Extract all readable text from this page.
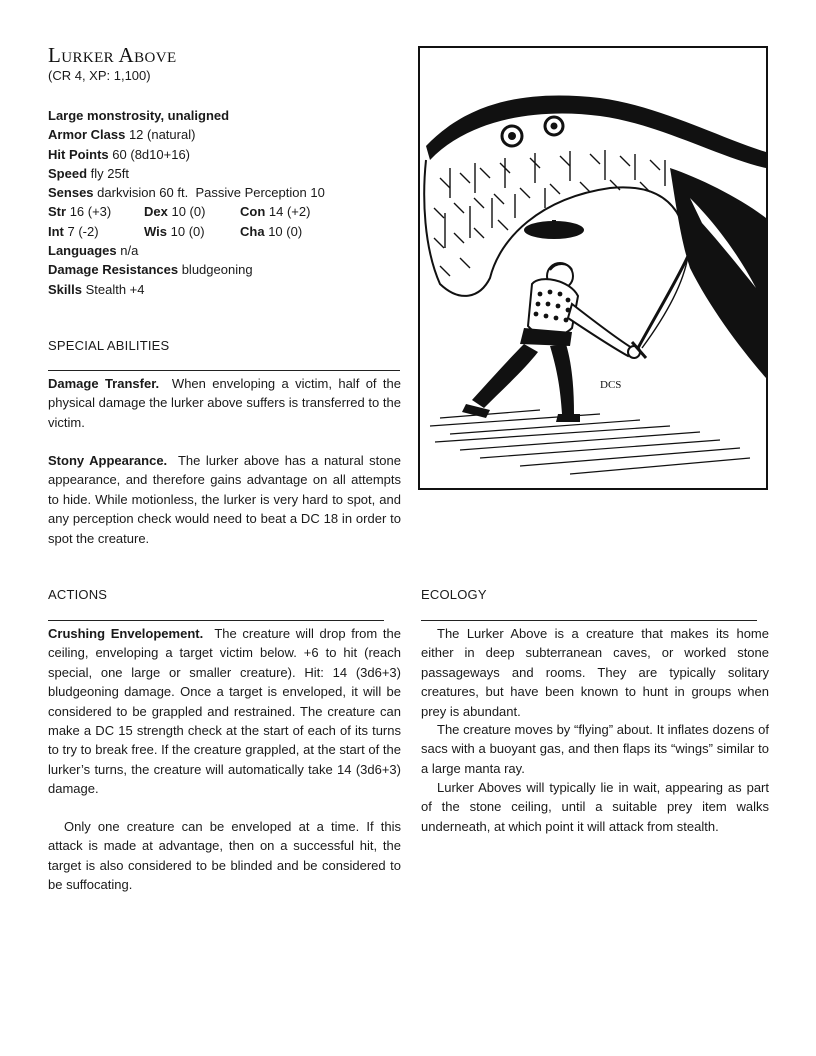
Lurker Above
(CR 4, XP: 1,100)
Large monstrosity, unaligned
Armor Class 12 (natural)
Hit Points 60 (8d10+16)
Speed fly 25ft
Senses darkvision 60 ft.  Passive Perception 10
Str 16 (+3)	Dex 10 (0)	Con 14 (+2)
Int 7 (-2)	Wis 10 (0)	Cha 10 (0)
Languages n/a
Damage Resistances bludgeoning
Skills Stealth +4
SPECIAL ABILITIES

Damage Transfer. When enveloping a victim, half of the physical damage the lurker above suffers is transferred to the victim.

Stony Appearance. The lurker above has a natural stone appearance, and therefore gains advantage on all attempts to hide. While motionless, the lurker is very hard to spot, and any perception check would need to beat a DC 18 in order to spot the creature.

ACTIONS

Crushing Envelopement. The creature will drop from the ceiling, enveloping a target victim below. +6 to hit (reach special, one large or smaller creature). Hit: 14 (3d6+3) bludgeoning damage. Once a target is enveloped, it will be considered to be grappled and restrained. The creature can make a DC 15 strength check at the start of each of its turns to try to break free. If the creature grappled, at the start of the lurker’s turns, the creature will automatically take 14 (3d6+3) damage.

Only one creature can be enveloped at a time. If this attack is made at advantage, then on a successful hit, the target is also considered to be blinded and be considered to be suffocating.

ECOLOGY

The Lurker Above is a creature that makes its home either in deep subterranean caves, or worked stone passageways and rooms. They are typically solitary creatures, but have been known to hunt in groups when prey is abundant.

The creature moves by “flying” about. It inflates dozens of sacs with a buoyant gas, and then flaps its “wings” similar to a large manta ray.

Lurker Aboves will typically lie in wait, appearing as part of the stone ceiling, until a suitable prey item walks underneath, at which point it will attack from stealth.

DCS
